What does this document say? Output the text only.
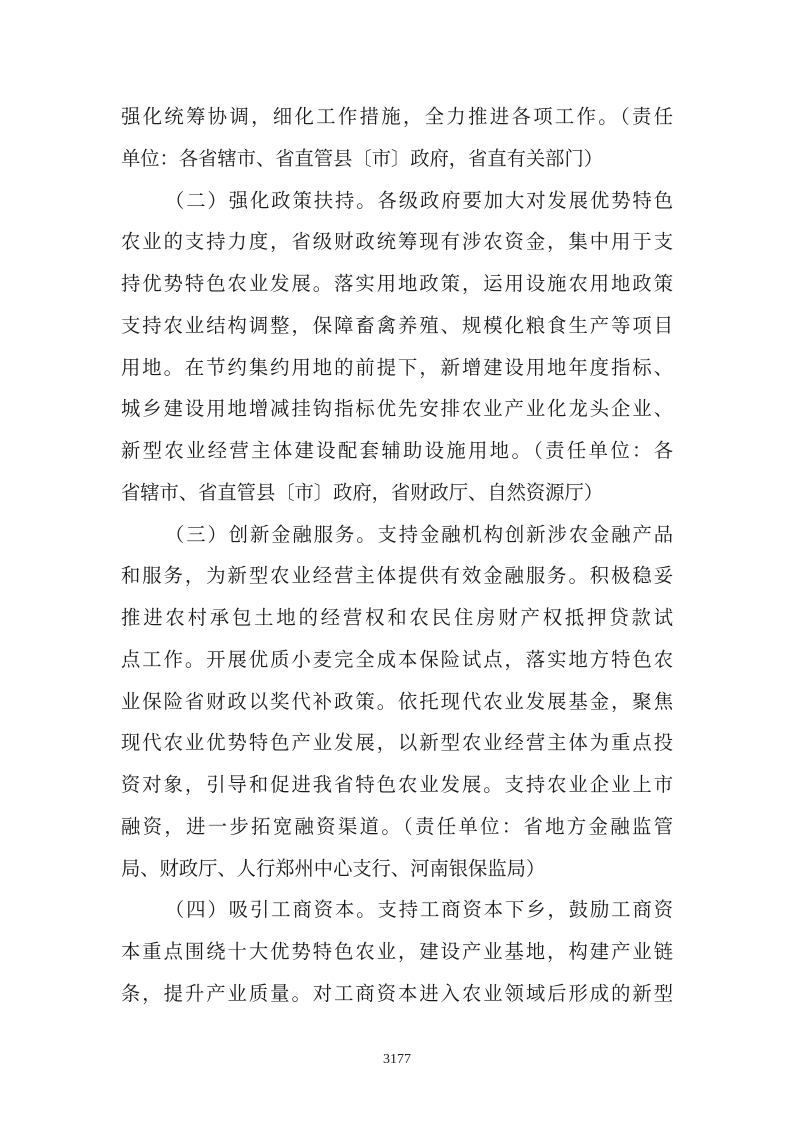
强化统筹协调，细化工作措施，全力推进各项工作。（责任
单位：各省辖市、省直管县〔市〕政府，省直有关部门）
（二）强化政策扶持。各级政府要加大对发展优势特色
农业的支持力度，省级财政统筹现有涉农资金，集中用于支
持优势特色农业发展。落实用地政策，运用设施农用地政策
支持农业结构调整，保障畜禽养殖、规模化粮食生产等项目
用地。在节约集约用地的前提下，新增建设用地年度指标、
城乡建设用地增减挂钩指标优先安排农业产业化龙头企业、
新型农业经营主体建设配套辅助设施用地。（责任单位：各
省辖市、省直管县〔市〕政府，省财政厅、自然资源厅）
（三）创新金融服务。支持金融机构创新涉农金融产品
和服务，为新型农业经营主体提供有效金融服务。积极稳妥
推进农村承包土地的经营权和农民住房财产权抵押贷款试
点工作。开展优质小麦完全成本保险试点，落实地方特色农
业保险省财政以奖代补政策。依托现代农业发展基金，聚焦
现代农业优势特色产业发展，以新型农业经营主体为重点投
资对象，引导和促进我省特色农业发展。支持农业企业上市
融资，进一步拓宽融资渠道。（责任单位：省地方金融监管
局、财政厅、人行郑州中心支行、河南银保监局）
（四）吸引工商资本。支持工商资本下乡，鼓励工商资
本重点围绕十大优势特色农业，建设产业基地，构建产业链
条，提升产业质量。对工商资本进入农业领域后形成的新型
3177
